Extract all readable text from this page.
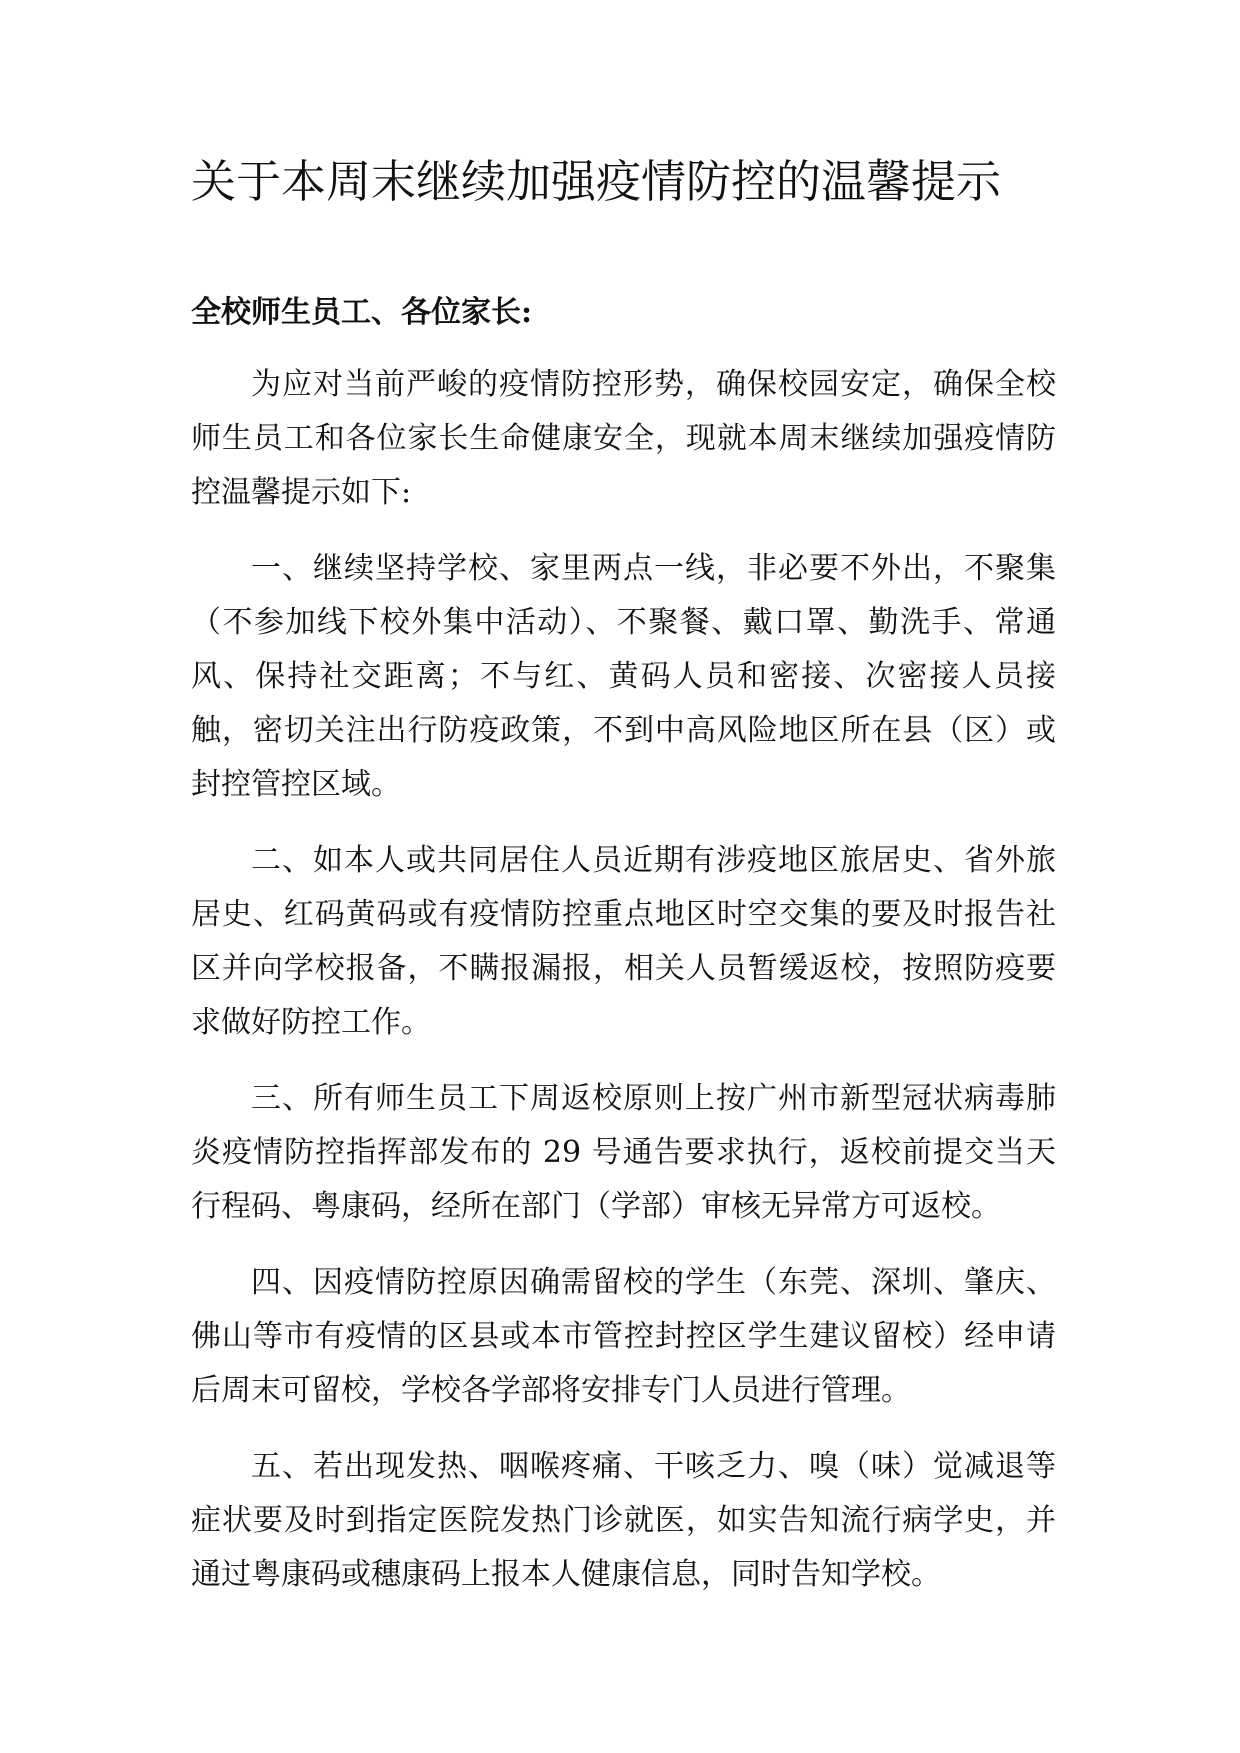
关于本周末继续加强疫情防控的温馨提示

全校师生员工、各位家长:

为应对当前严峻的疫情防控形势，确保校园安定，确保全校师生员工和各位家长生命健康安全，现就本周末继续加强疫情防控温馨提示如下:

一、继续坚持学校、家里两点一线，非必要不外出，不聚集（不参加线下校外集中活动）、不聚餐、戴口罩、勤洗手、常通风、保持社交距离；不与红、黄码人员和密接、次密接人员接触，密切关注出行防疫政策，不到中高风险地区所在县（区）或封控管控区域。

二、如本人或共同居住人员近期有涉疫地区旅居史、省外旅居史、红码黄码或有疫情防控重点地区时空交集的要及时报告社区并向学校报备，不瞒报漏报，相关人员暂缓返校，按照防疫要求做好防控工作。

三、所有师生员工下周返校原则上按广州市新型冠状病毒肺炎疫情防控指挥部发布的 29 号通告要求执行，返校前提交当天行程码、粤康码，经所在部门（学部）审核无异常方可返校。

四、因疫情防控原因确需留校的学生（东莞、深圳、肇庆、佛山等市有疫情的区县或本市管控封控区学生建议留校）经申请后周末可留校，学校各学部将安排专门人员进行管理。

五、若出现发热、咽喉疼痛、干咳乏力、嗅（味）觉减退等症状要及时到指定医院发热门诊就医，如实告知流行病学史，并通过粤康码或穗康码上报本人健康信息，同时告知学校。
